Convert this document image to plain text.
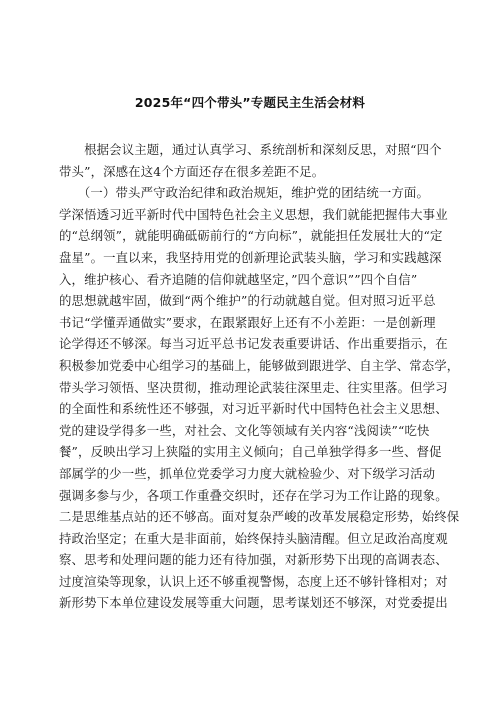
2025年“四个带头”专题民主生活会材料
　　根据会议主题，通过认真学习、系统剖析和深刻反思，对照“四个
带头”，深感在这4个方面还存在很多差距不足。
　　（一）带头严守政治纪律和政治规矩，维护党的团结统一方面。
学深悟透习近平新时代中国特色社会主义思想，我们就能把握伟大事业
的“总纲领”，就能明确砥砺前行的“方向标”，就能担任发展壮大的“定
盘星”。一直以来，我坚持用党的创新理论武装头脑，学习和实践越深
入，维护核心、看齐追随的信仰就越坚定，”四个意识””四个自信”
的思想就越牢固，做到“两个维护”的行动就越自觉。但对照习近平总
书记“学懂弄通做实”要求，在跟紧跟好上还有不小差距：一是创新理
论学得还不够深。每当习近平总书记发表重要讲话、作出重要指示，在
积极参加党委中心组学习的基础上，能够做到跟进学、自主学、常态学，
带头学习领悟、坚决贯彻，推动理论武装往深里走、往实里落。但学习
的全面性和系统性还不够强，对习近平新时代中国特色社会主义思想、
党的建设学得多一些，对社会、文化等领域有关内容“浅阅读”“吃快
餐”，反映出学习上狭隘的实用主义倾向；自己单独学得多一些、督促
部属学的少一些，抓单位党委学习力度大就检验少、对下级学习活动
强调多参与少，各项工作重叠交织时，还存在学习为工作让路的现象。
二是思维基点站的还不够高。面对复杂严峻的改革发展稳定形势，始终保
持政治坚定；在重大是非面前，始终保持头脑清醒。但立足政治高度观
察、思考和处理问题的能力还有待加强，对新形势下出现的高调表态、
过度渲染等现象，认识上还不够重视警惕，态度上还不够针锋相对；对
新形势下本单位建设发展等重大问题，思考谋划还不够深，对党委提出
